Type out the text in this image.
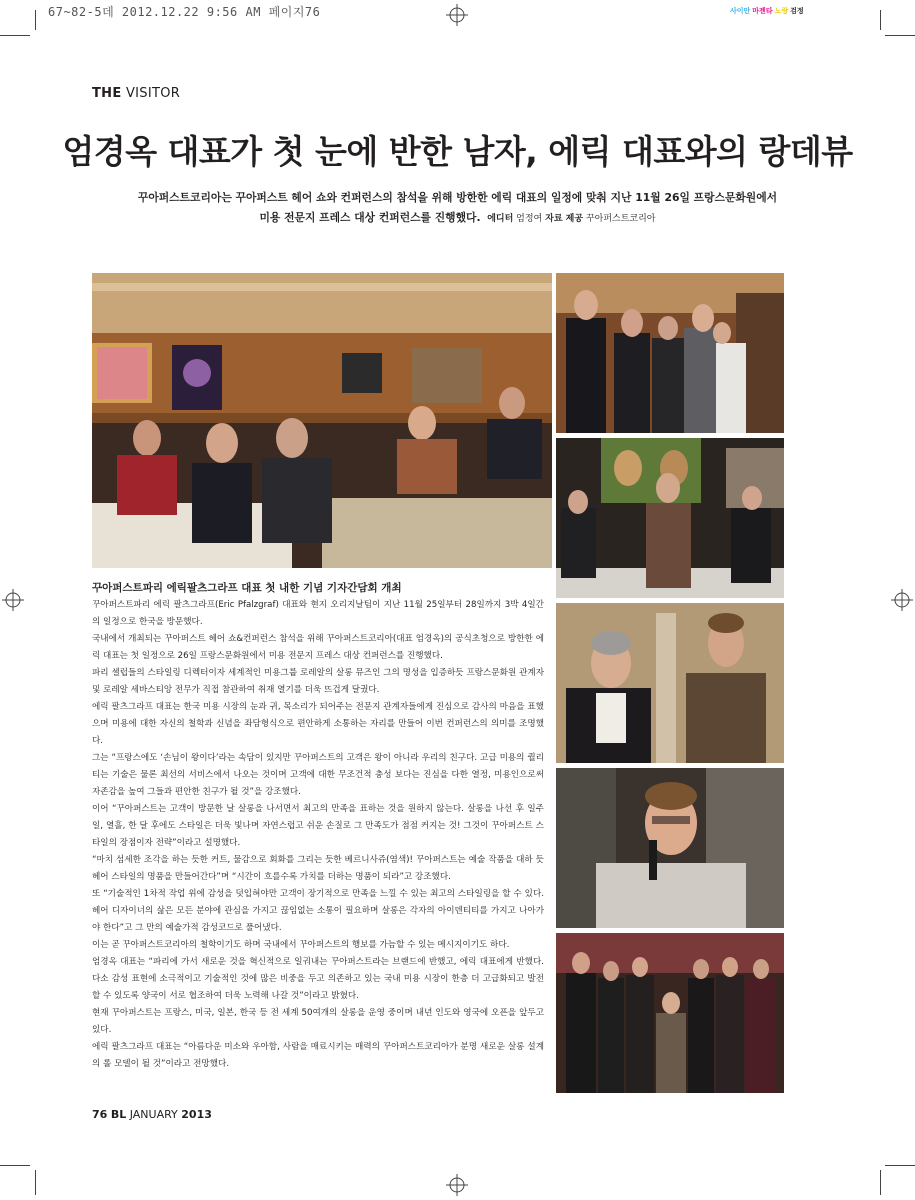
67~82-5데 2012.12.22 9:56 AM 페이지76	사이안 마젠타 노랑 검정
THE VISITOR
엄경옥 대표가 첫 눈에 반한 남자, 에릭 대표와의 랑데뷰
꾸아퍼스트코리아는 꾸아퍼스트 헤어 쇼와 컨퍼런스의 참석을 위해 방한한 에릭 대표의 일정에 맞춰 지난 11월 26일 프랑스문화원에서
미용 전문지 프레스 대상 컨퍼런스를 진행했다. 에디터 엄정여 자료 제공 꾸아퍼스트코리아
꾸아퍼스트파리 에릭팔츠그라프 대표 첫 내한 기념 기자간담회 개최

꾸아퍼스트파리 에릭 팔츠그라프(Eric Pfalzgraf) 대표와 현지 오리지날팀이 지난 11월 25일부터 28일까지 3박 4일간의 일정으로 한국을 방문했다.

국내에서 개최되는 꾸아퍼스트 헤어 쇼&컨퍼런스 참석을 위해 꾸아퍼스트코리아(대표 엄경옥)의 공식초청으로 방한한 에릭 대표는 첫 일정으로 26일 프랑스문화원에서 미용 전문지 프레스 대상 컨퍼런스를 진행했다.

파리 셀럽들의 스타일링 디렉터이자 세계적인 미용그룹 로레알의 살롱 뮤즈인 그의 명성을 입증하듯 프랑스문화원 관계자 및 로레알 세바스티앙 전무가 직접 참관하여 취재 열기를 더욱 뜨겁게 달궜다.

에릭 팔츠그라프 대표는 한국 미용 시장의 눈과 귀, 목소리가 되어주는 전문지 관계자들에게 진심으로 감사의 마음을 표했으며 미용에 대한 자신의 철학과 신념을 좌담형식으로 편안하게 소통하는 자리를 만들어 이번 컨퍼런스의 의미를 조명했다.

그는 “프랑스에도 ‘손님이 왕이다’라는 속담이 있지만 꾸아퍼스트의 고객은 왕이 아니라 우리의 친구다. 고급 미용의 퀄리티는 기술은 물론 최선의 서비스에서 나오는 것이며 고객에 대한 무조건적 충성 보다는 진심을 다한 열정, 미용인으로써 자존감을 높여 그들과 편안한 친구가 될 것”을 강조했다.

이어 “꾸아퍼스트는 고객이 방문한 날 살롱을 나서면서 최고의 만족을 표하는 것을 원하지 않는다. 살롱을 나선 후 일주일, 열흘, 한 달 후에도 스타일은 더욱 빛나며 자연스럽고 쉬운 손질로 그 만족도가 점점 커지는 것! 그것이 꾸아퍼스트 스타일의 장점이자 전략”이라고 설명했다.

“마치 섬세한 조각을 하는 듯한 커트, 물감으로 회화를 그리는 듯한 베르니사쥬(염색)! 꾸아퍼스트는 예술 작품을 대하 듯 헤어 스타일의 명품을 만들어간다”며 “시간이 흐를수록 가치를 더하는 명품이 되라”고 강조했다.

또 “기술적인 1차적 작업 위에 감성을 덧입혀야만 고객이 장기적으로 만족을 느낄 수 있는 최고의 스타일링을 할 수 있다. 헤어 디자이너의 삶은 모든 분야에 관심을 가지고 끊임없는 소통이 필요하며 살롱은 각자의 아이덴티티를 가지고 나아가야 한다”고 그 만의 예술가적 감성코드로 풀어냈다.

이는 곧 꾸아퍼스트코리아의 철학이기도 하며 국내에서 꾸아퍼스트의 행보를 가늠할 수 있는 메시지이기도 하다.

엄경옥 대표는 “파리에 가서 새로운 것을 혁신적으로 일궈내는 꾸아퍼스트라는 브랜드에 반했고, 에릭 대표에게 반했다. 다소 감성 표현에 소극적이고 기술적인 것에 많은 비중을 두고 의존하고 있는 국내 미용 시장이 한층 더 고급화되고 발전할 수 있도록 양국이 서로 협조하여 더욱 노력해 나갈 것”이라고 밝혔다.

현재 꾸아퍼스트는 프랑스, 미국, 일본, 한국 등 전 세계 50여개의 살롱을 운영 중이며 내년 인도와 영국에 오픈을 앞두고 있다.

에릭 팔츠그라프 대표는 “아름다운 미소와 우아함, 사람을 매료시키는 매력의 꾸아퍼스트코리아가 분명 새로운 살롱 설계의 롤 모델이 될 것”이라고 전망했다.

76 BL JANUARY 2013
